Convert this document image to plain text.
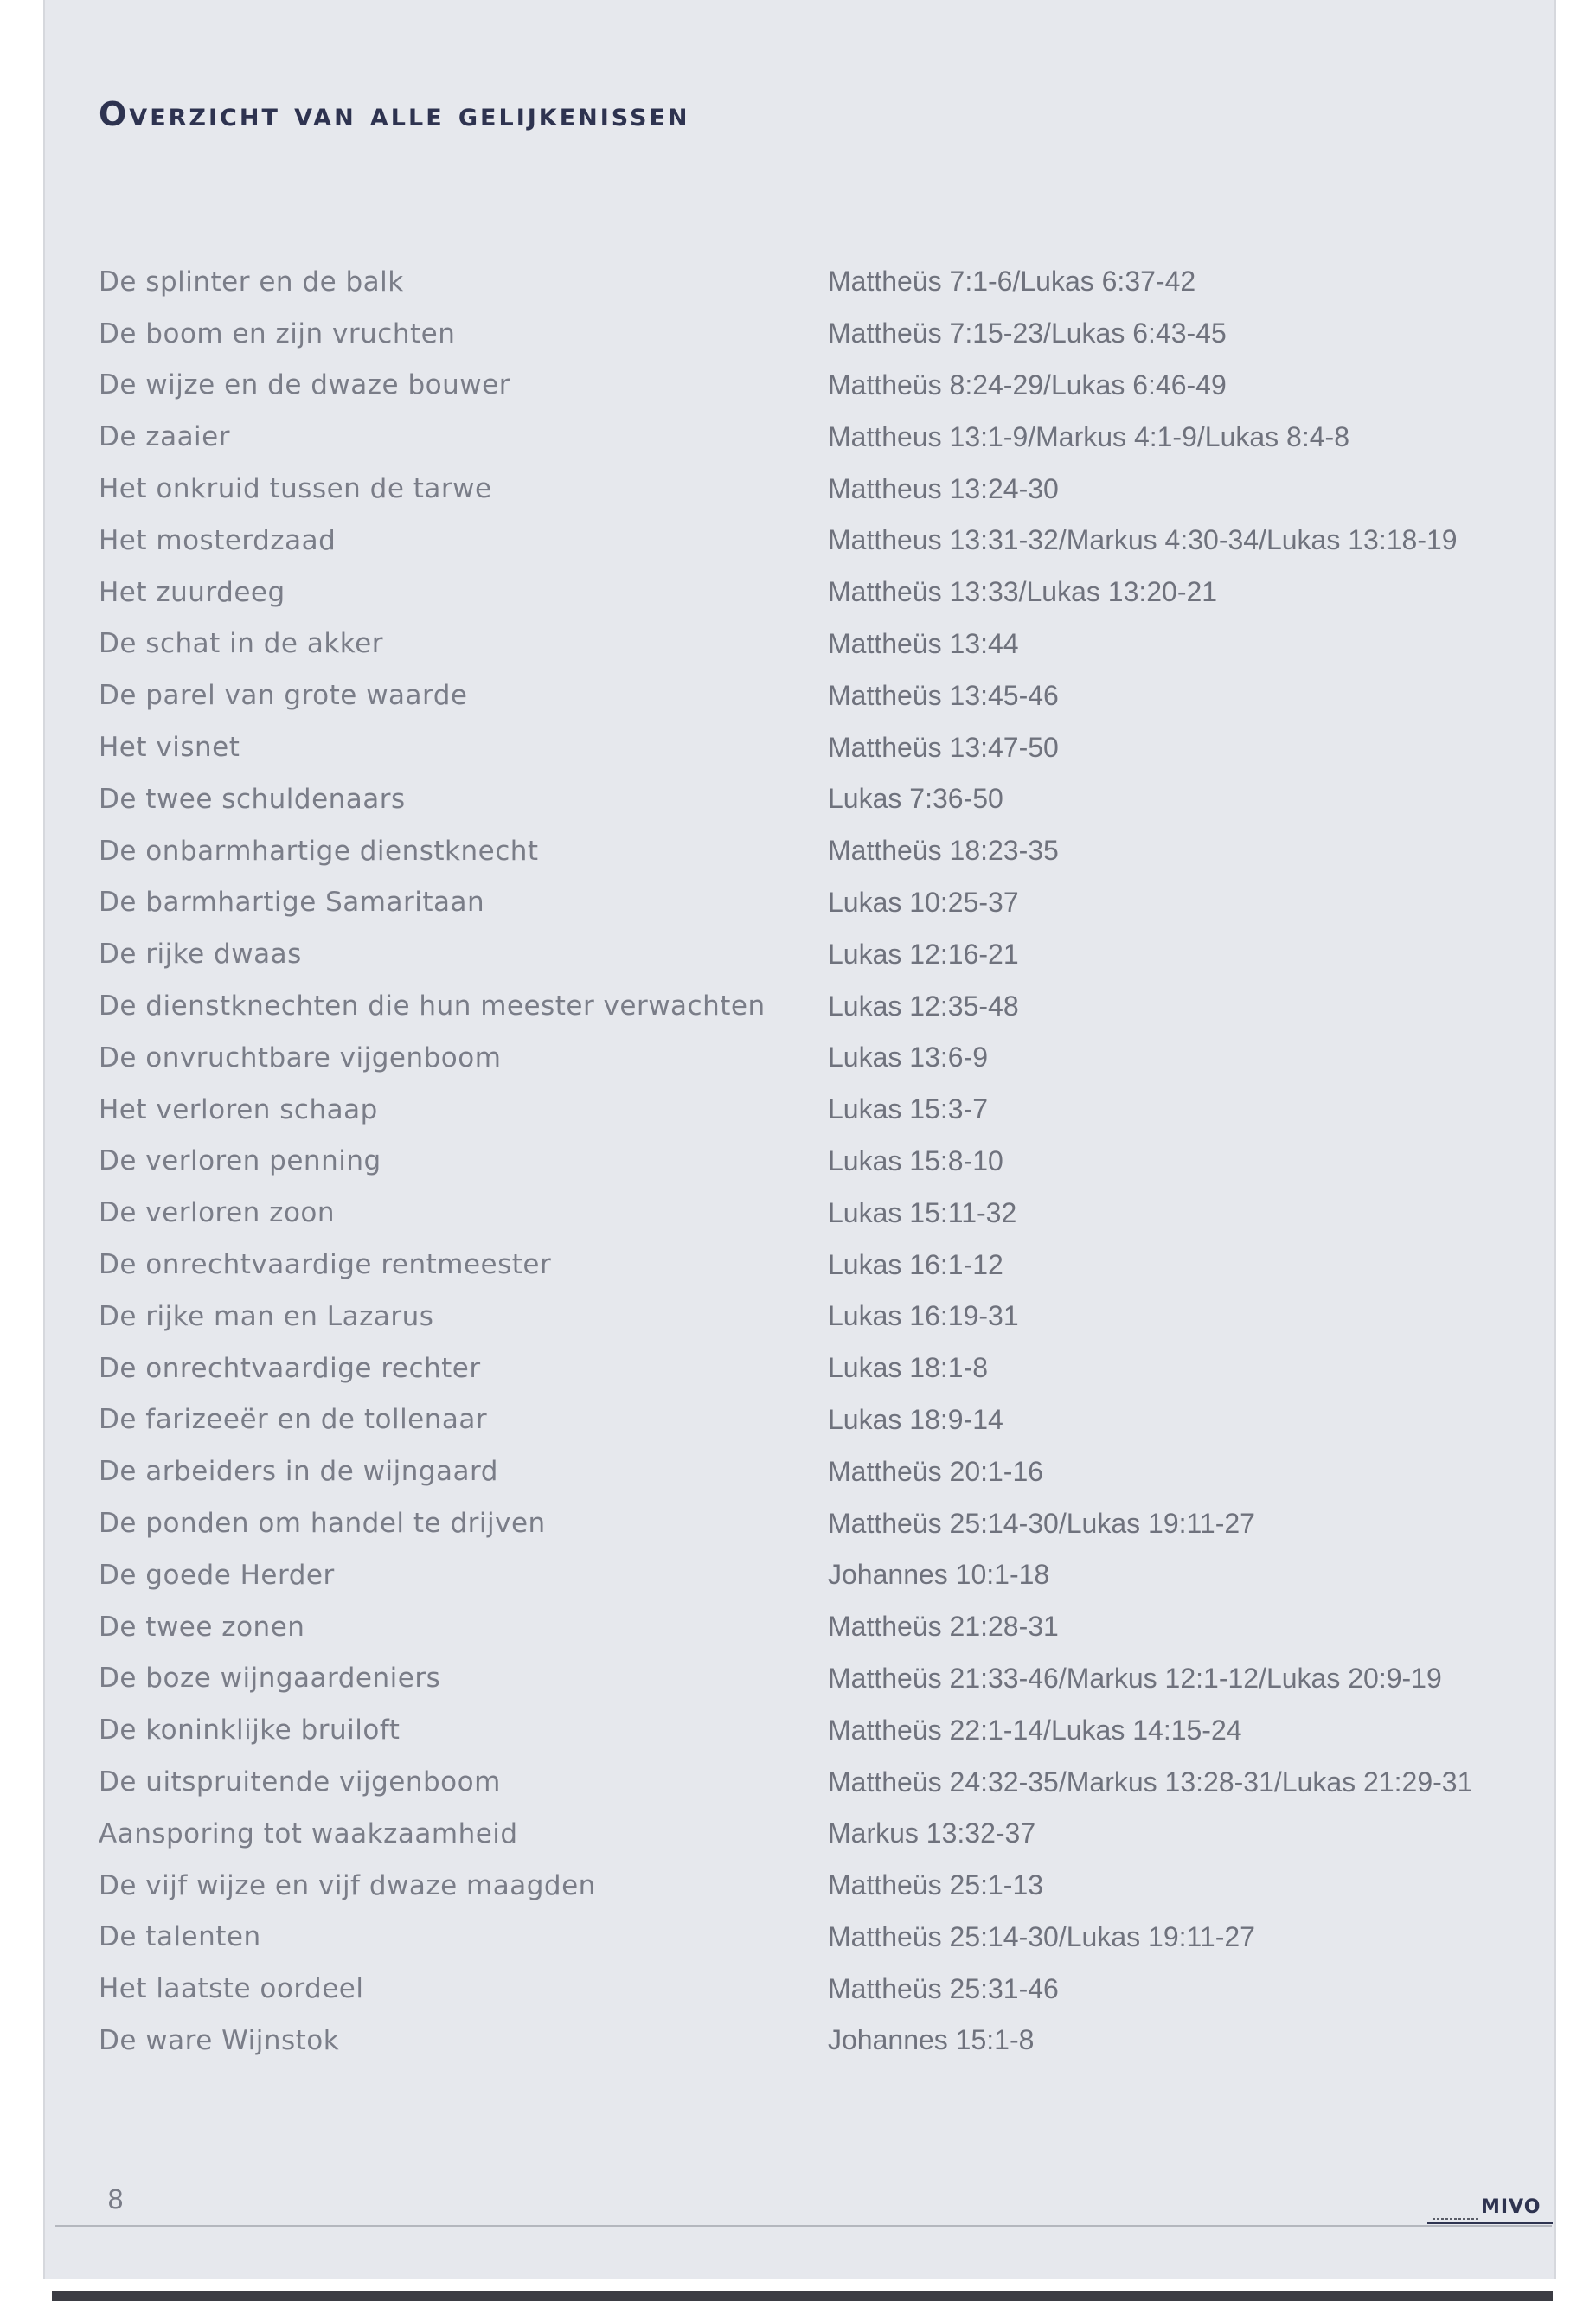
Overzicht van alle gelijkenissen
De splinter en de balk	Mattheüs 7:1-6/Lukas 6:37-42
De boom en zijn vruchten	Mattheüs 7:15-23/Lukas 6:43-45
De wijze en de dwaze bouwer	Mattheüs 8:24-29/Lukas 6:46-49
De zaaier	Mattheus 13:1-9/Markus 4:1-9/Lukas 8:4-8
Het onkruid tussen de tarwe	Mattheus 13:24-30
Het mosterdzaad	Mattheus 13:31-32/Markus 4:30-34/Lukas 13:18-19
Het zuurdeeg	Mattheüs 13:33/Lukas 13:20-21
De schat in de akker	Mattheüs 13:44
De parel van grote waarde	Mattheüs 13:45-46
Het visnet	Mattheüs 13:47-50
De twee schuldenaars	Lukas 7:36-50
De onbarmhartige dienstknecht	Mattheüs 18:23-35
De barmhartige Samaritaan	Lukas 10:25-37
De rijke dwaas	Lukas 12:16-21
De dienstknechten die hun meester verwachten	Lukas 12:35-48
De onvruchtbare vijgenboom	Lukas 13:6-9
Het verloren schaap	Lukas 15:3-7
De verloren penning	Lukas 15:8-10
De verloren zoon	Lukas 15:11-32
De onrechtvaardige rentmeester	Lukas 16:1-12
De rijke man en Lazarus	Lukas 16:19-31
De onrechtvaardige rechter	Lukas 18:1-8
De farizeeër en de tollenaar	Lukas 18:9-14
De arbeiders in de wijngaard	Mattheüs 20:1-16
De ponden om handel te drijven	Mattheüs 25:14-30/Lukas 19:11-27
De goede Herder	Johannes 10:1-18
De twee zonen	Mattheüs 21:28-31
De boze wijngaardeniers	Mattheüs 21:33-46/Markus 12:1-12/Lukas 20:9-19
De koninklijke bruiloft	Mattheüs 22:1-14/Lukas 14:15-24
De uitspruitende vijgenboom	Mattheüs 24:32-35/Markus 13:28-31/Lukas 21:29-31
Aansporing tot waakzaamheid	Markus 13:32-37
De vijf wijze en vijf dwaze maagden	Mattheüs 25:1-13
De talenten	Mattheüs 25:14-30/Lukas 19:11-27
Het laatste oordeel	Mattheüs 25:31-46
De ware Wijnstok	Johannes 15:1-8
8	MIVO
